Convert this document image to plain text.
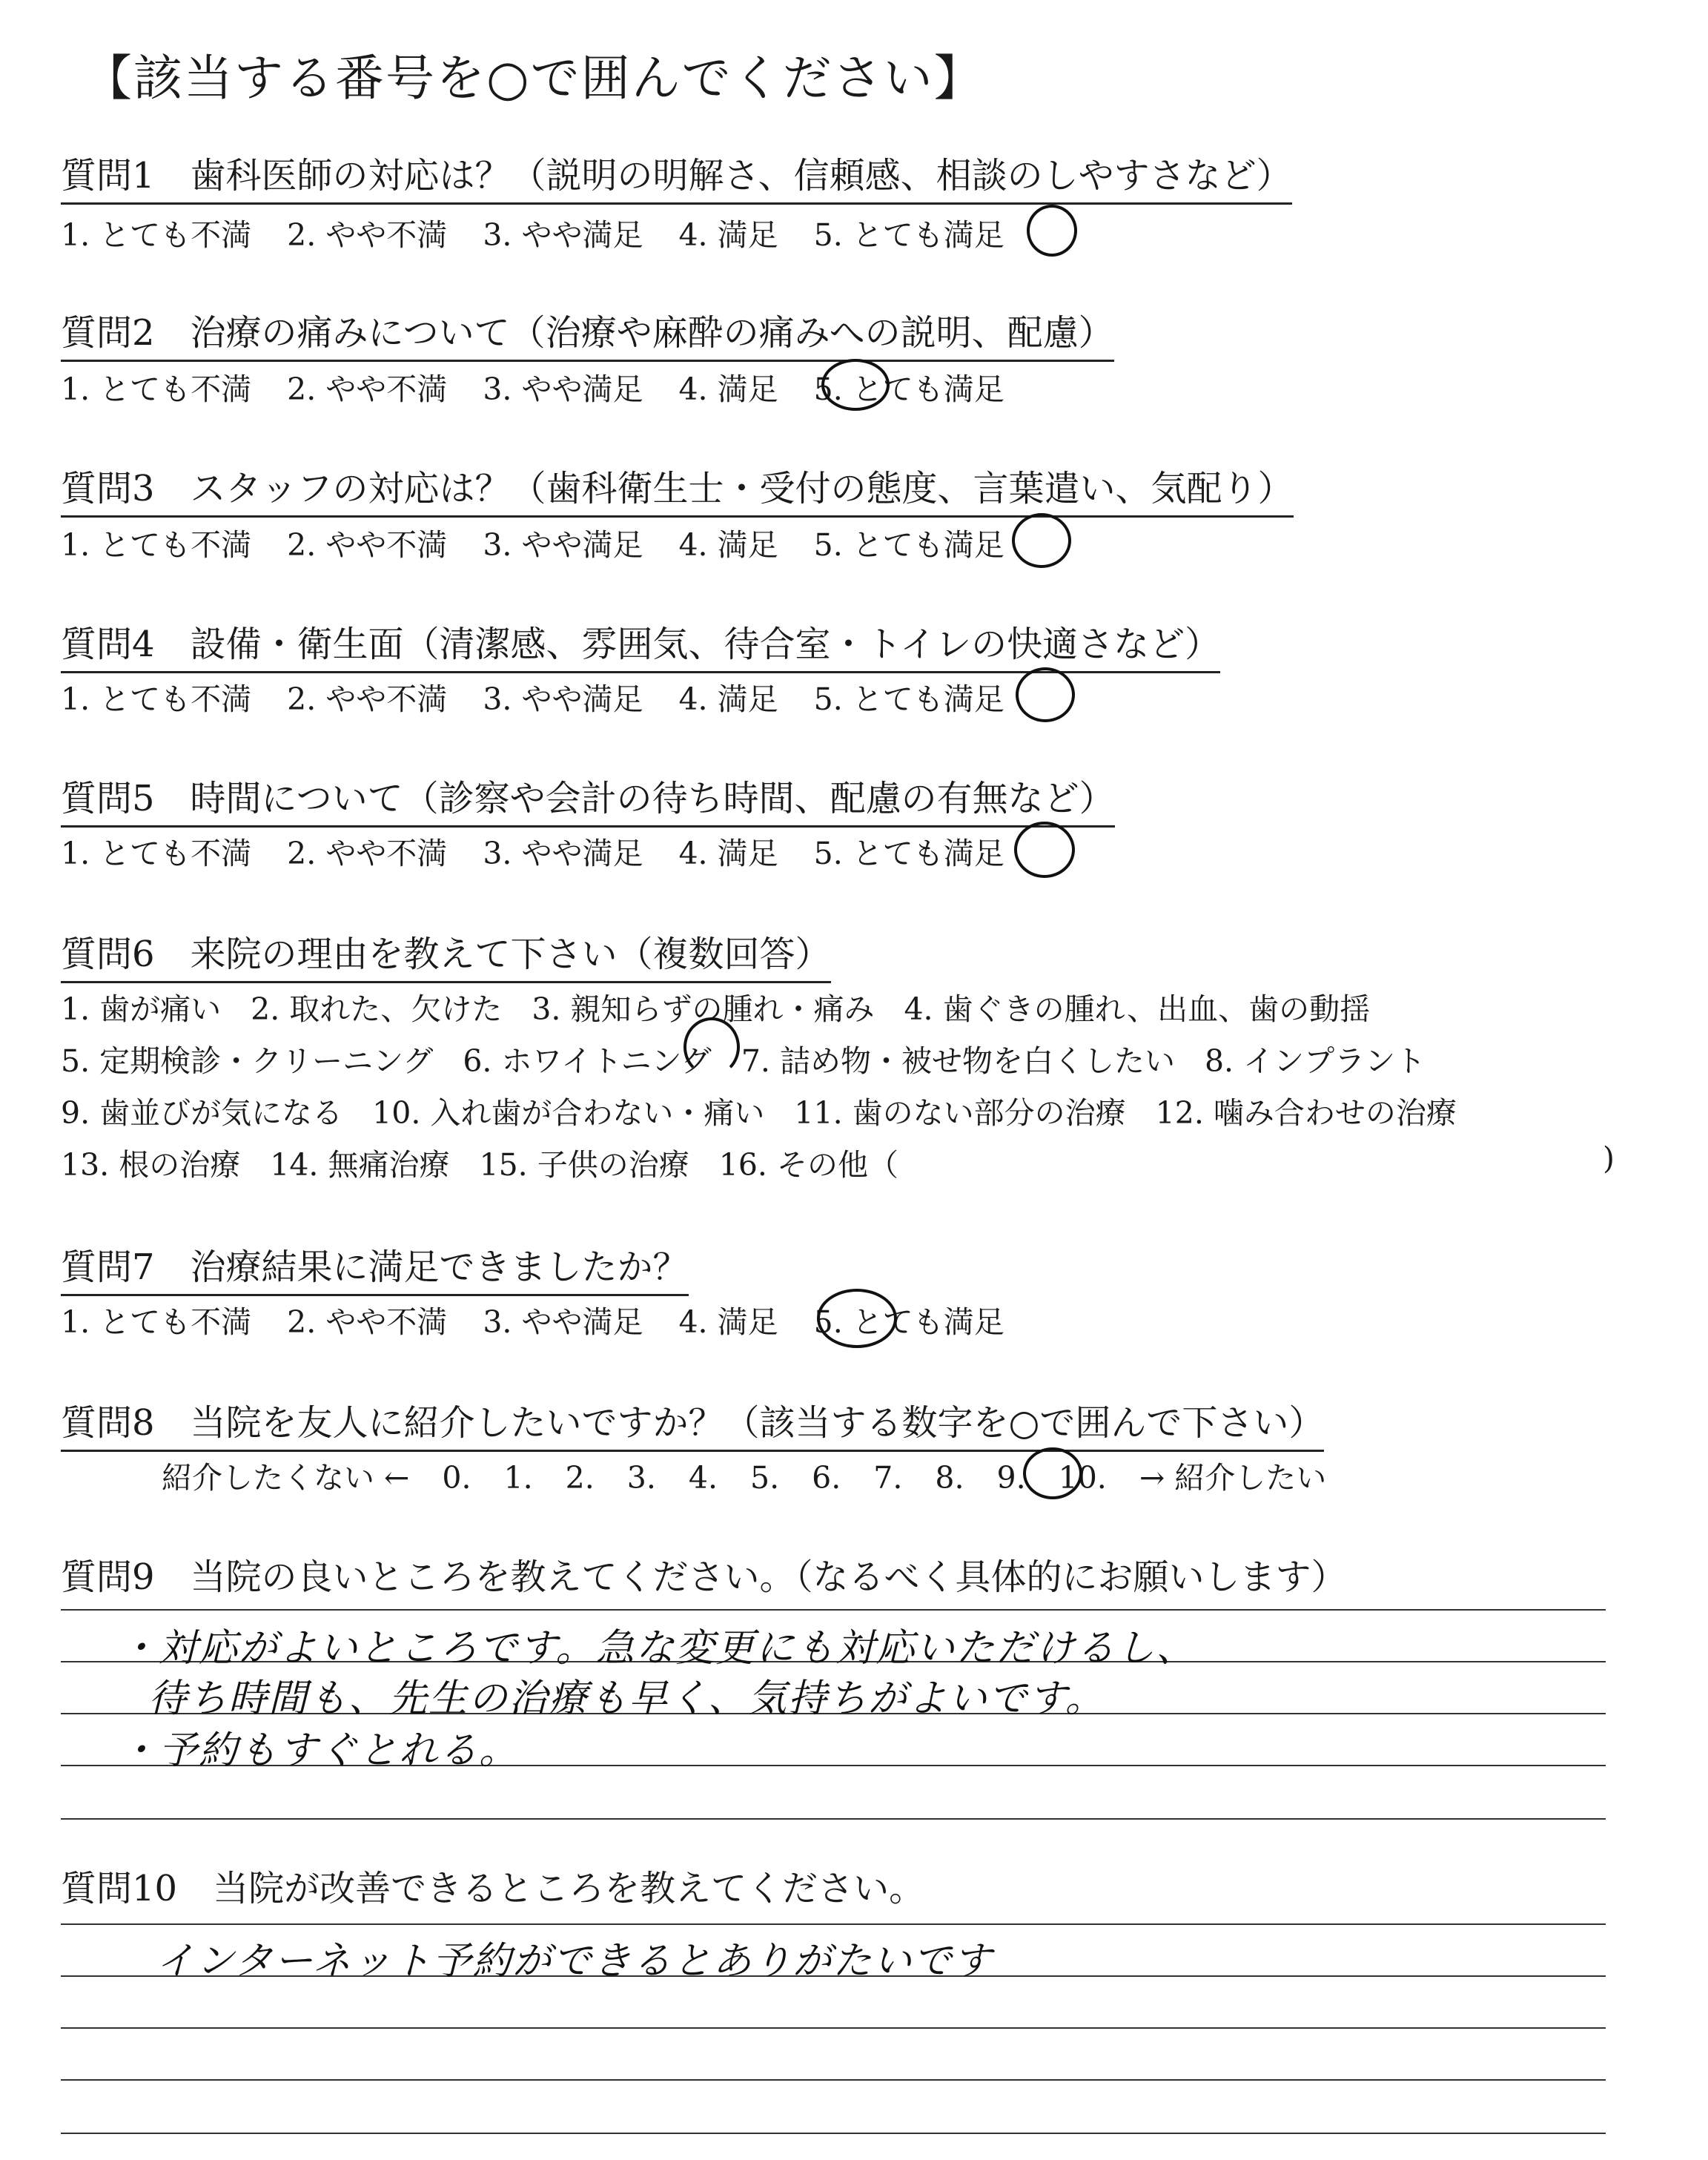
【該当する番号を○で囲んでください】
質問1　歯科医師の対応は？（説明の明解さ、信頼感、相談のしやすさなど）
1. とても不満 2. やや不満 3. やや満足 4. 満足 5. とても満足
質問2　治療の痛みについて（治療や麻酔の痛みへの説明、配慮）
1. とても不満 2. やや不満 3. やや満足 4. 満足 5. とても満足
質問3　スタッフの対応は？（歯科衛生士・受付の態度、言葉遣い、気配り）
1. とても不満 2. やや不満 3. やや満足 4. 満足 5. とても満足
質問4　設備・衛生面（清潔感、雰囲気、待合室・トイレの快適さなど）
1. とても不満 2. やや不満 3. やや満足 4. 満足 5. とても満足
質問5　時間について（診察や会計の待ち時間、配慮の有無など）
1. とても不満 2. やや不満 3. やや満足 4. 満足 5. とても満足
質問6　来院の理由を教えて下さい（複数回答）
1. 歯が痛い 2. 取れた、欠けた 3. 親知らずの腫れ・痛み 4. 歯ぐきの腫れ、出血、歯の動揺
5. 定期検診・クリーニング 6. ホワイトニング 7. 詰め物・被せ物を白くしたい 8. インプラント
9. 歯並びが気になる 10. 入れ歯が合わない・痛い 11. 歯のない部分の治療 12. 噛み合わせの治療
13. 根の治療 14. 無痛治療 15. 子供の治療 16. その他（	)
質問7　治療結果に満足できましたか？
1. とても不満 2. やや不満 3. やや満足 4. 満足 5. とても満足
質問8　当院を友人に紹介したいですか？（該当する数字を○で囲んで下さい）
紹介したくない ← 0. 1. 2. 3. 4. 5. 6. 7. 8. 9. 10. → 紹介したい
質問9　当院の良いところを教えてください。（なるべく具体的にお願いします）
・対応がよいところです。急な変更にも対応いただけるし、
待ち時間も、先生の治療も早く、気持ちがよいです。
・予約もすぐとれる。
質問10　当院が改善できるところを教えてください。
インターネット予約ができるとありがたいです
